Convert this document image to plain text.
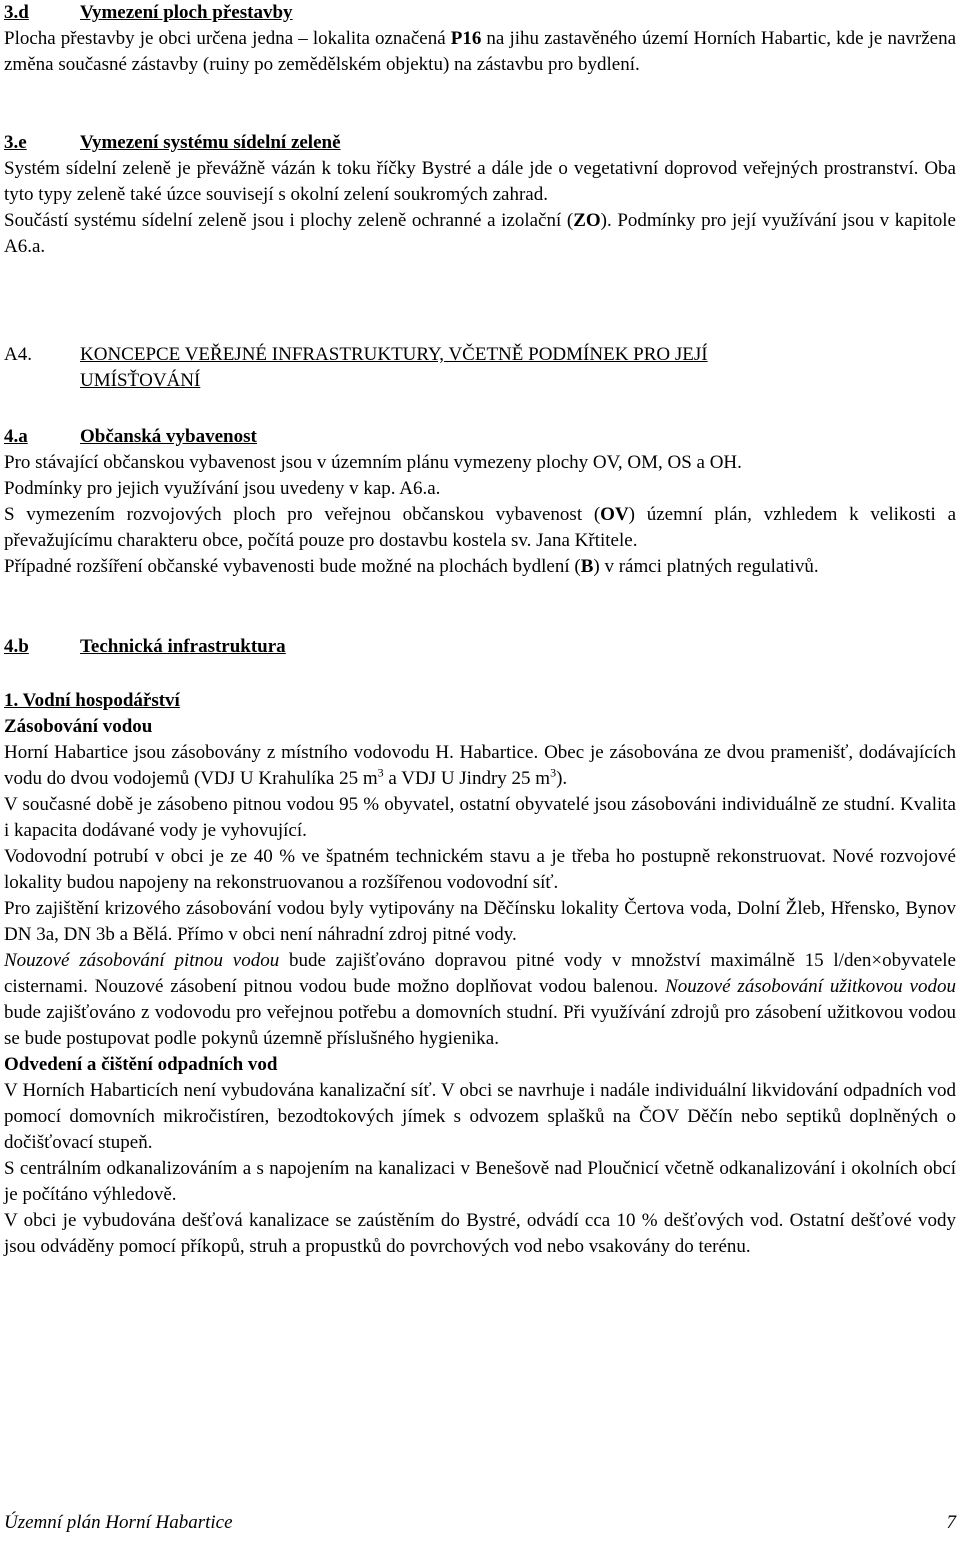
3.d	Vymezení ploch přestavby

Plocha přestavby je obci určena jedna – lokalita označená P16 na jihu zastavěného území Horních Habartic, kde je navržena změna současné zástavby (ruiny po zemědělském objektu) na zástavbu pro bydlení.

3.e	Vymezení systému sídelní zeleně

Systém sídelní zeleně je převážně vázán k toku říčky Bystré a dále jde o vegetativní doprovod veřejných prostranství. Oba tyto typy zeleně také úzce souvisejí s okolní zelení soukromých zahrad.

Součástí systému sídelní zeleně jsou i plochy zeleně ochranné a izolační (ZO). Podmínky pro její využívání jsou v kapitole A6.a.

A4.	KONCEPCE VEŘEJNÉ INFRASTRUKTURY, VČETNĚ PODMÍNEK PRO JEJÍ
UMÍSŤOVÁNÍ
4.a	Občanská vybavenost

Pro stávající občanskou vybavenost jsou v územním plánu vymezeny plochy OV, OM, OS a OH.

Podmínky pro jejich využívání jsou uvedeny v kap. A6.a.

S vymezením rozvojových ploch pro veřejnou občanskou vybavenost (OV) územní plán, vzhledem k velikosti a převažujícímu charakteru obce, počítá pouze pro dostavbu kostela sv. Jana Křtitele.

Případné rozšíření občanské vybavenosti bude možné na plochách bydlení (B) v rámci platných regulativů.

4.b	Technická infrastruktura
1. Vodní hospodářství
Zásobování vodou

Horní Habartice jsou zásobovány z místního vodovodu H. Habartice. Obec je zásobována ze dvou pramenišť, dodávajících vodu do dvou vodojemů (VDJ U Krahulíka 25 $m^3$ a VDJ U Jindry 25 $m^3$).

V současné době je zásobeno pitnou vodou 95 % obyvatel, ostatní obyvatelé jsou zásobováni individuálně ze studní. Kvalita i kapacita dodávané vody je vyhovující.

Vodovodní potrubí v obci je ze 40 % ve špatném technickém stavu a je třeba ho postupně rekonstruovat. Nové rozvojové lokality budou napojeny na rekonstruovanou a rozšířenou vodovodní síť.

Pro zajištění krizového zásobování vodou byly vytipovány na Děčínsku lokality Čertova voda, Dolní Žleb, Hřensko, Bynov DN 3a, DN 3b a Bělá. Přímo v obci není náhradní zdroj pitné vody.

Nouzové zásobování pitnou vodou bude zajišťováno dopravou pitné vody v množství maximálně 15 l/den×obyvatele cisternami. Nouzové zásobení pitnou vodou bude možno doplňovat vodou balenou. Nouzové zásobování užitkovou vodou bude zajišťováno z vodovodu pro veřejnou potřebu a domovních studní. Při využívání zdrojů pro zásobení užitkovou vodou se bude postupovat podle pokynů územně příslušného hygienika.

Odvedení a čištění odpadních vod

V Horních Habarticích není vybudována kanalizační síť. V obci se navrhuje i nadále individuální likvidování odpadních vod pomocí domovních mikročistíren, bezodtokových jímek s odvozem splašků na ČOV Děčín nebo septiků doplněných o dočišťovací stupeň.

S centrálním odkanalizováním a s napojením na kanalizaci v Benešově nad Ploučnicí včetně odkanalizování i okolních obcí je počítáno výhledově.

V obci je vybudována dešťová kanalizace se zaústěním do Bystré, odvádí cca 10 % dešťových vod. Ostatní dešťové vody jsou odváděny pomocí příkopů, struh a propustků do povrchových vod nebo vsakovány do terénu.

Územní plán Horní Habartice	7
